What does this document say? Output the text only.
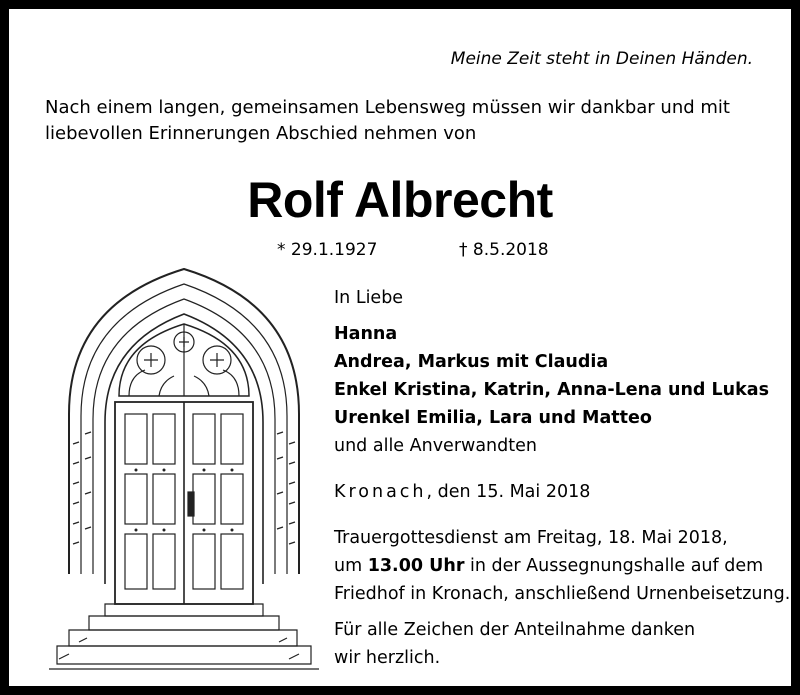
Meine Zeit steht in Deinen Händen.
Nach einem langen, gemeinsamen Lebensweg müssen wir dankbar und mit liebevollen Erinnerungen Abschied nehmen von
Rolf Albrecht
* 29.1.1927	† 8.5.2018
In Liebe
Hanna
Andrea, Markus mit Claudia
Enkel Kristina, Katrin, Anna-Lena und Lukas
Urenkel Emilia, Lara und Matteo
und alle Anverwandten
Kronach, den 15. Mai 2018
Trauergottesdienst am Freitag, 18. Mai 2018,
um 13.00 Uhr in der Aussegnungshalle auf dem
Friedhof in Kronach, anschließend Urnenbeisetzung.
Für alle Zeichen der Anteilnahme danken
wir herzlich.
